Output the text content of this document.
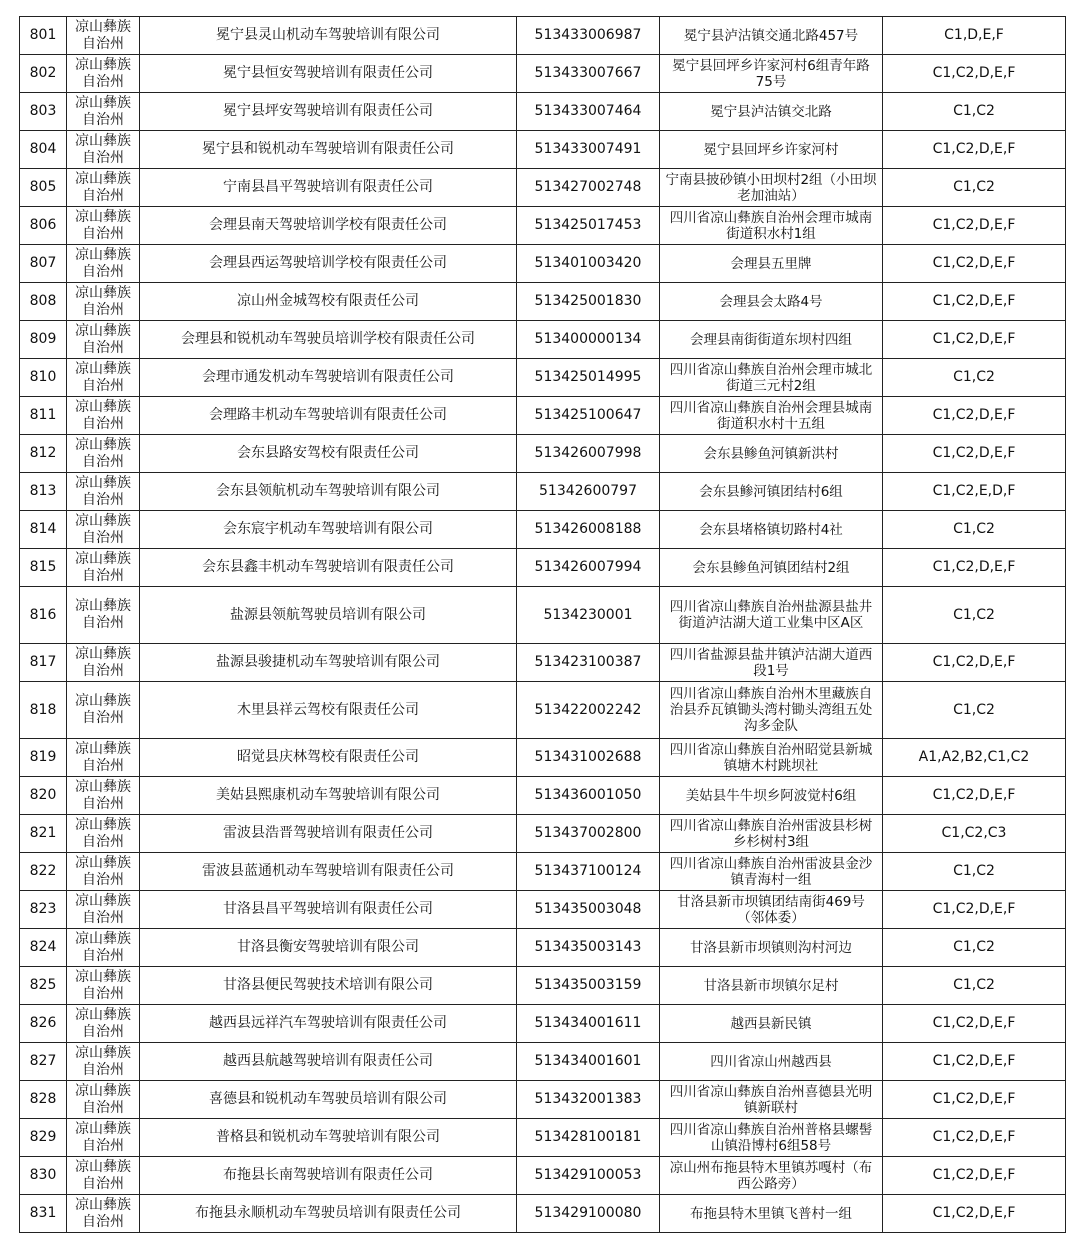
801	凉山彝族自治州	冕宁县灵山机动车驾驶培训有限公司	513433006987	冕宁县泸沽镇交通北路457号	C1,D,E,F
802	凉山彝族自治州	冕宁县恒安驾驶培训有限责任公司	513433007667	冕宁县回坪乡许家河村6组青年路75号	C1,C2,D,E,F
803	凉山彝族自治州	冕宁县坪安驾驶培训有限责任公司	513433007464	冕宁县泸沽镇交北路	C1,C2
804	凉山彝族自治州	冕宁县和锐机动车驾驶培训有限责任公司	513433007491	冕宁县回坪乡许家河村	C1,C2,D,E,F
805	凉山彝族自治州	宁南县昌平驾驶培训有限责任公司	513427002748	宁南县披砂镇小田坝村2组（小田坝老加油站）	C1,C2
806	凉山彝族自治州	会理县南天驾驶培训学校有限责任公司	513425017453	四川省凉山彝族自治州会理市城南街道积水村1组	C1,C2,D,E,F
807	凉山彝族自治州	会理县西运驾驶培训学校有限责任公司	513401003420	会理县五里牌	C1,C2,D,E,F
808	凉山彝族自治州	凉山州金城驾校有限责任公司	513425001830	会理县会太路4号	C1,C2,D,E,F
809	凉山彝族自治州	会理县和锐机动车驾驶员培训学校有限责任公司	513400000134	会理县南街街道东坝村四组	C1,C2,D,E,F
810	凉山彝族自治州	会理市通发机动车驾驶培训有限责任公司	513425014995	四川省凉山彝族自治州会理市城北街道三元村2组	C1,C2
811	凉山彝族自治州	会理路丰机动车驾驶培训有限责任公司	513425100647	四川省凉山彝族自治州会理县城南街道积水村十五组	C1,C2,D,E,F
812	凉山彝族自治州	会东县路安驾校有限责任公司	513426007998	会东县鲹鱼河镇新洪村	C1,C2,D,E,F
813	凉山彝族自治州	会东县领航机动车驾驶培训有限公司	51342600797	会东县鲹河镇团结村6组	C1,C2,E,D,F
814	凉山彝族自治州	会东宸宇机动车驾驶培训有限公司	513426008188	会东县堵格镇切路村4社	C1,C2
815	凉山彝族自治州	会东县鑫丰机动车驾驶培训有限责任公司	513426007994	会东县鲹鱼河镇团结村2组	C1,C2,D,E,F
816	凉山彝族自治州	盐源县领航驾驶员培训有限公司	5134230001	四川省凉山彝族自治州盐源县盐井街道泸沽湖大道工业集中区A区	C1,C2
817	凉山彝族自治州	盐源县骏捷机动车驾驶培训有限公司	513423100387	四川省盐源县盐井镇泸沽湖大道西段1号	C1,C2,D,E,F
818	凉山彝族自治州	木里县祥云驾校有限责任公司	513422002242	四川省凉山彝族自治州木里藏族自治县乔瓦镇锄头湾村锄头湾组五处沟多金队	C1,C2
819	凉山彝族自治州	昭觉县庆林驾校有限责任公司	513431002688	四川省凉山彝族自治州昭觉县新城镇塘木村跳坝社	A1,A2,B2,C1,C2
820	凉山彝族自治州	美姑县熙康机动车驾驶培训有限公司	513436001050	美姑县牛牛坝乡阿波觉村6组	C1,C2,D,E,F
821	凉山彝族自治州	雷波县浩晋驾驶培训有限责任公司	513437002800	四川省凉山彝族自治州雷波县杉树乡杉树村3组	C1,C2,C3
822	凉山彝族自治州	雷波县蓝通机动车驾驶培训有限责任公司	513437100124	四川省凉山彝族自治州雷波县金沙镇青海村一组	C1,C2
823	凉山彝族自治州	甘洛县昌平驾驶培训有限责任公司	513435003048	甘洛县新市坝镇团结南街469号（邻体委）	C1,C2,D,E,F
824	凉山彝族自治州	甘洛县衡安驾驶培训有限公司	513435003143	甘洛县新市坝镇则沟村河边	C1,C2
825	凉山彝族自治州	甘洛县便民驾驶技术培训有限公司	513435003159	甘洛县新市坝镇尔足村	C1,C2
826	凉山彝族自治州	越西县远祥汽车驾驶培训有限责任公司	513434001611	越西县新民镇	C1,C2,D,E,F
827	凉山彝族自治州	越西县航越驾驶培训有限责任公司	513434001601	四川省凉山州越西县	C1,C2,D,E,F
828	凉山彝族自治州	喜德县和锐机动车驾驶员培训有限公司	513432001383	四川省凉山彝族自治州喜德县光明镇新联村	C1,C2,D,E,F
829	凉山彝族自治州	普格县和锐机动车驾驶培训有限公司	513428100181	四川省凉山彝族自治州普格县螺髻山镇沿博村6组58号	C1,C2,D,E,F
830	凉山彝族自治州	布拖县长南驾驶培训有限责任公司	513429100053	凉山州布拖县特木里镇苏嘎村（布西公路旁）	C1,C2,D,E,F
831	凉山彝族自治州	布拖县永顺机动车驾驶员培训有限责任公司	513429100080	布拖县特木里镇飞普村一组	C1,C2,D,E,F
